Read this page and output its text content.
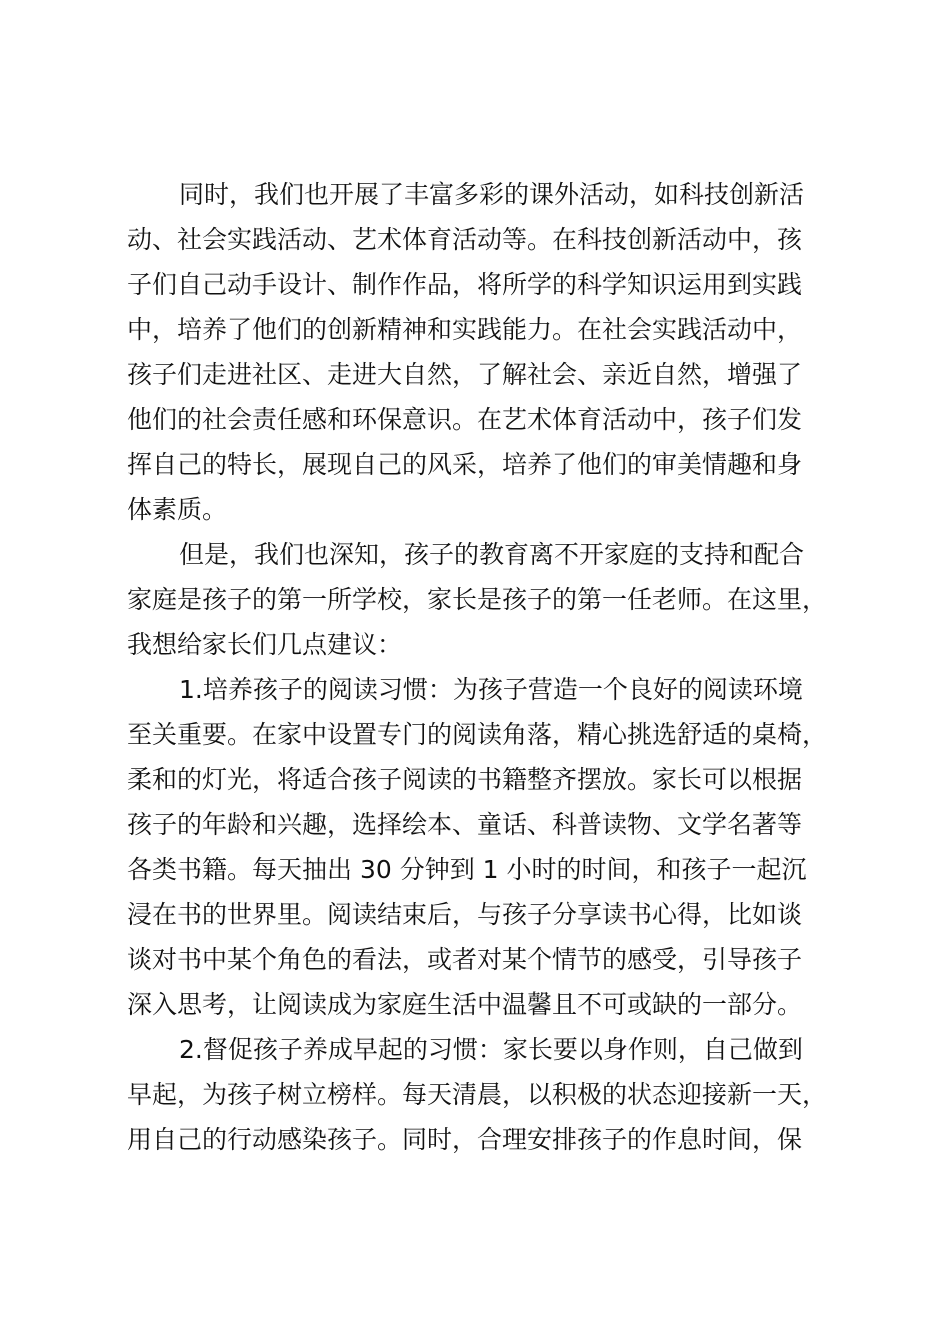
同时，我们也开展了丰富多彩的课外活动，如科技创新活
动、社会实践活动、艺术体育活动等。在科技创新活动中，孩
子们自己动手设计、制作作品，将所学的科学知识运用到实践
中，培养了他们的创新精神和实践能力。在社会实践活动中，
孩子们走进社区、走进大自然，了解社会、亲近自然，增强了
他们的社会责任感和环保意识。在艺术体育活动中，孩子们发
挥自己的特长，展现自己的风采，培养了他们的审美情趣和身
体素质。
但是，我们也深知，孩子的教育离不开家庭的支持和配合
家庭是孩子的第一所学校，家长是孩子的第一任老师。在这里，
我想给家长们几点建议：
1.培养孩子的阅读习惯：为孩子营造一个良好的阅读环境
至关重要。在家中设置专门的阅读角落，精心挑选舒适的桌椅，
柔和的灯光，将适合孩子阅读的书籍整齐摆放。家长可以根据
孩子的年龄和兴趣，选择绘本、童话、科普读物、文学名著等
各类书籍。每天抽出 30 分钟到 1 小时的时间，和孩子一起沉
浸在书的世界里。阅读结束后，与孩子分享读书心得，比如谈
谈对书中某个角色的看法，或者对某个情节的感受，引导孩子
深入思考，让阅读成为家庭生活中温馨且不可或缺的一部分。
2.督促孩子养成早起的习惯：家长要以身作则，自己做到
早起，为孩子树立榜样。每天清晨，以积极的状态迎接新一天，
用自己的行动感染孩子。同时，合理安排孩子的作息时间，保
